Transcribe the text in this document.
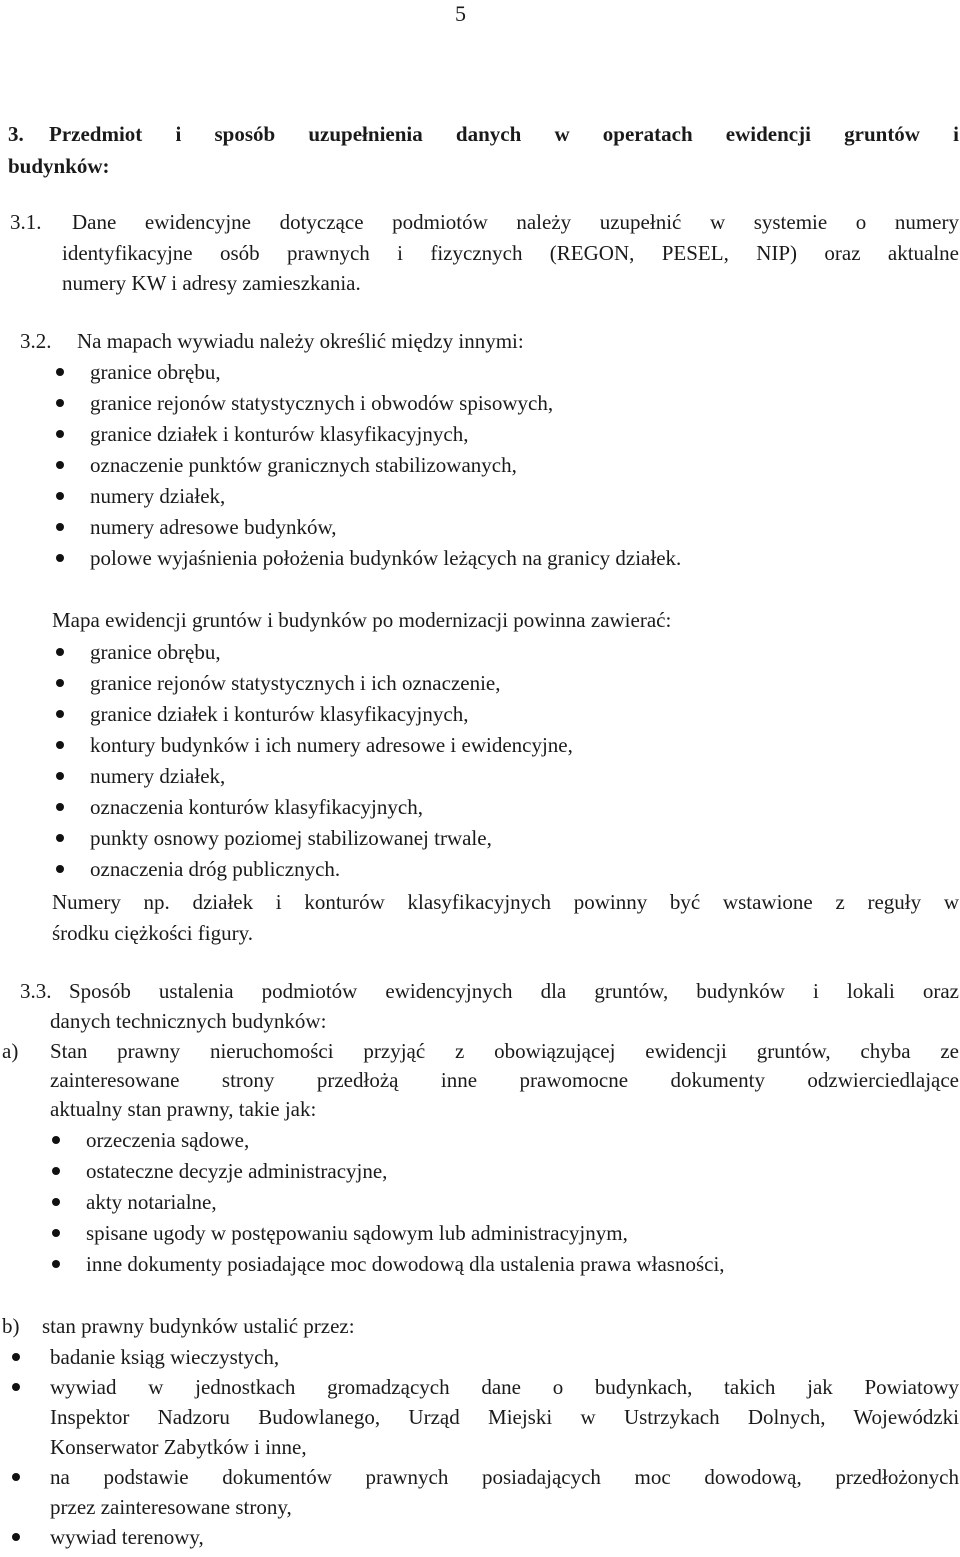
5
3. Przedmiot i sposób uzupełnienia danych w operatach ewidencji gruntów i
budynków:
3.1. Dane ewidencyjne dotyczące podmiotów należy uzupełnić w systemie o numery
identyfikacyjne osób prawnych i fizycznych (REGON, PESEL, NIP) oraz aktualne
numery KW i adresy zamieszkania.
3.2. Na mapach wywiadu należy określić między innymi:
granice obrębu,
granice rejonów statystycznych i obwodów spisowych,
granice działek i konturów klasyfikacyjnych,
oznaczenie punktów granicznych stabilizowanych,
numery działek,
numery adresowe budynków,
polowe wyjaśnienia położenia budynków leżących na granicy działek.
Mapa ewidencji gruntów i budynków po modernizacji powinna zawierać:
granice obrębu,
granice rejonów statystycznych i ich oznaczenie,
granice działek i konturów klasyfikacyjnych,
kontury budynków i ich numery adresowe i ewidencyjne,
numery działek,
oznaczenia konturów klasyfikacyjnych,
punkty osnowy poziomej stabilizowanej trwale,
oznaczenia dróg publicznych.
Numery np. działek i konturów klasyfikacyjnych powinny być wstawione z reguły w
środku ciężkości figury.
3.3. Sposób ustalenia podmiotów ewidencyjnych dla gruntów, budynków i lokali oraz
danych technicznych budynków:
a) Stan prawny nieruchomości przyjąć z obowiązującej ewidencji gruntów, chyba ze
zainteresowane strony przedłożą inne prawomocne dokumenty odzwierciedlające
aktualny stan prawny, takie jak:
orzeczenia sądowe,
ostateczne decyzje administracyjne,
akty notarialne,
spisane ugody w postępowaniu sądowym lub administracyjnym,
inne dokumenty posiadające moc dowodową dla ustalenia prawa własności,
b) stan prawny budynków ustalić przez:
badanie ksiąg wieczystych,
wywiad w jednostkach gromadzących dane o budynkach, takich jak Powiatowy
Inspektor Nadzoru Budowlanego, Urząd Miejski w Ustrzykach Dolnych, Wojewódzki
Konserwator Zabytków i inne,
na podstawie dokumentów prawnych posiadających moc dowodową, przedłożonych
przez zainteresowane strony,
wywiad terenowy,
